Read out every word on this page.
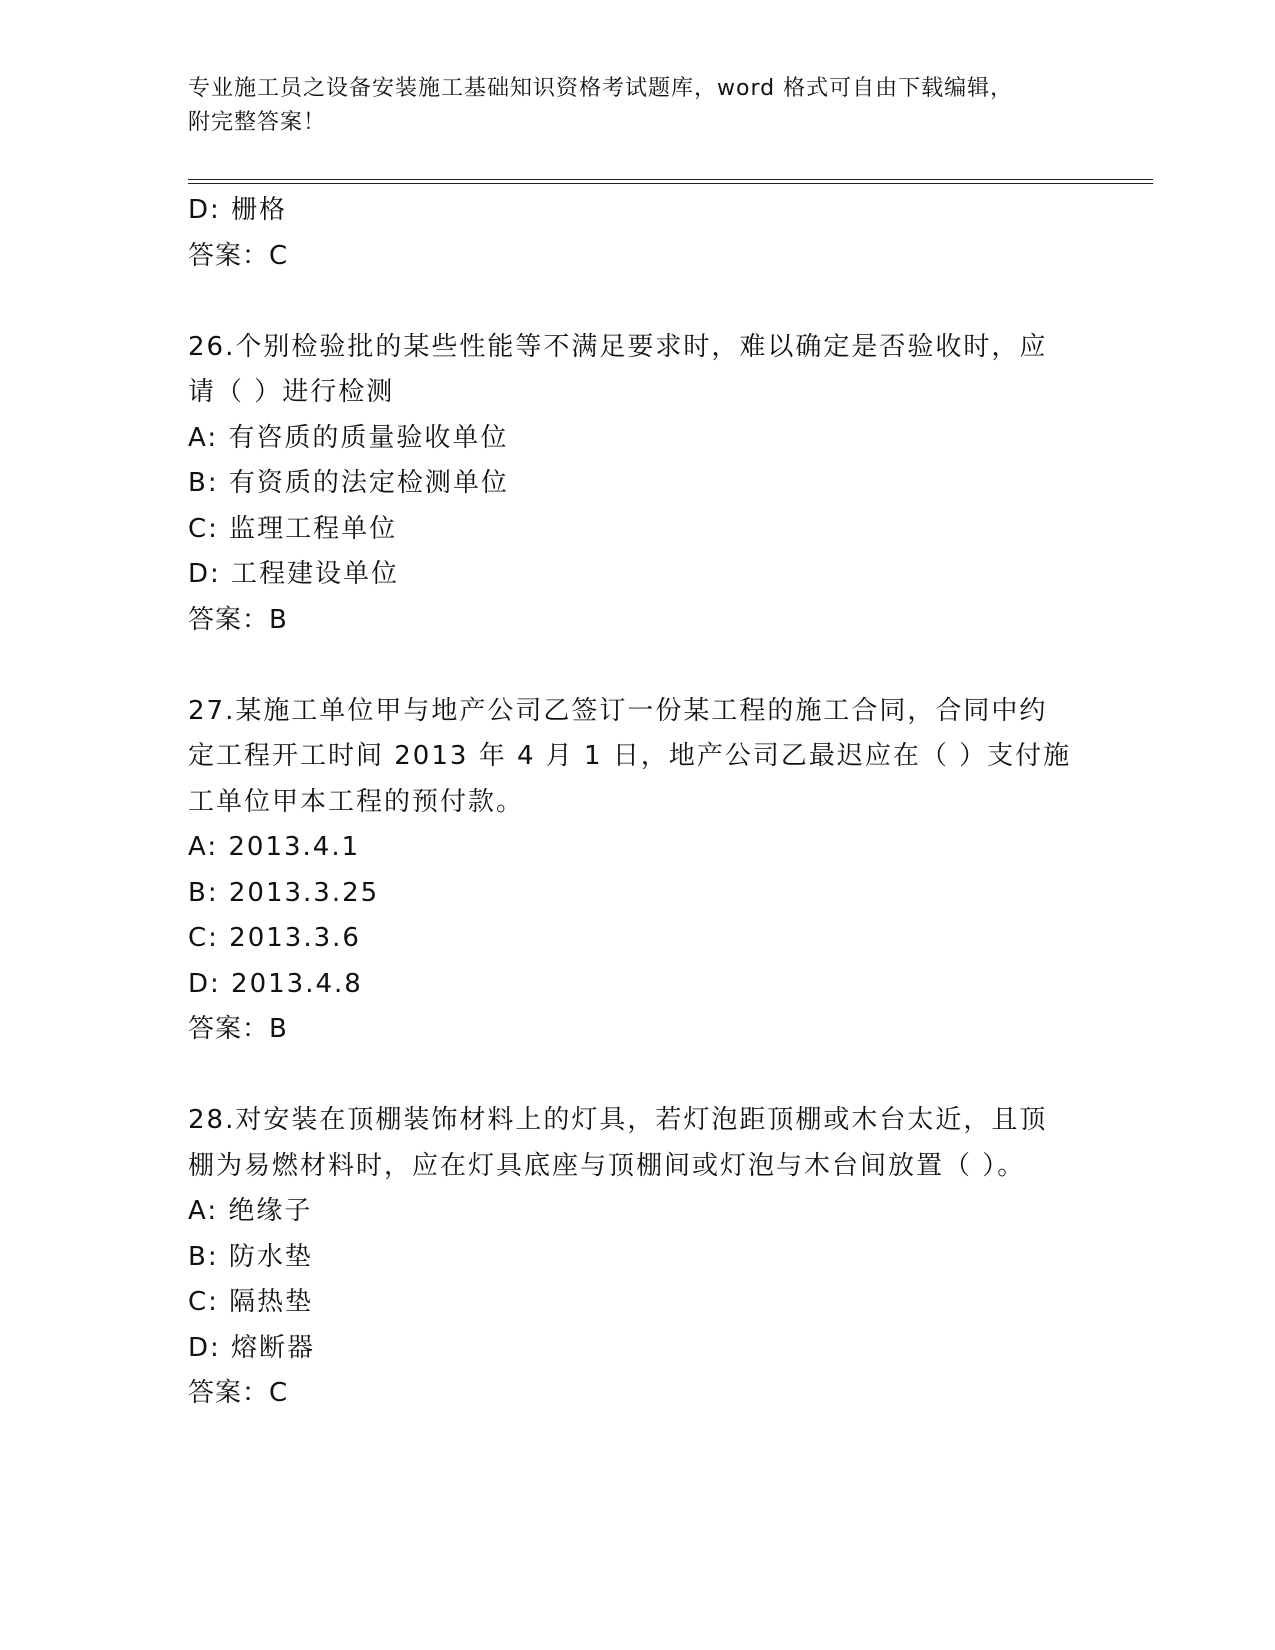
专业施工员之设备安装施工基础知识资格考试题库，word 格式可自由下载编辑，
附完整答案！
D: 栅格
答案：C
26.个别检验批的某些性能等不满足要求时，难以确定是否验收时，应
请（ ）进行检测
A: 有咨质的质量验收单位
B: 有资质的法定检测单位
C: 监理工程单位
D: 工程建设单位
答案：B
27.某施工单位甲与地产公司乙签订一份某工程的施工合同，合同中约
定工程开工时间 2013 年 4 月 1 日，地产公司乙最迟应在（ ）支付施
工单位甲本工程的预付款。
A: 2013.4.1
B: 2013.3.25
C: 2013.3.6
D: 2013.4.8
答案：B
28.对安装在顶棚装饰材料上的灯具，若灯泡距顶棚或木台太近，且顶
棚为易燃材料时，应在灯具底座与顶棚间或灯泡与木台间放置（ ）。
A: 绝缘子
B: 防水垫
C: 隔热垫
D: 熔断器
答案：C
